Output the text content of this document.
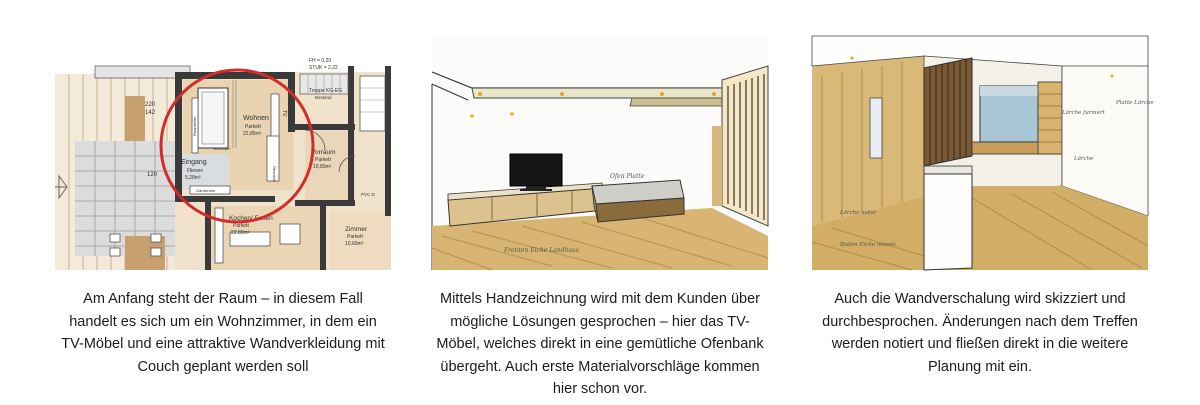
142
220
120
Wohnen
Parkett
22,85m²
Eingang
Fliesen
5,28m²
Vorraum
Parkett
10,80m²
Kochen/ Essen
Parkett
22,80m²	Zimmer
Parkett
10,60m²
Treppe KG-EG
Bestand
TV
Raumteiler
Oberlicht
Garderobe
FH = 0,20
STUK = 2,22
PVC D
Heizkörper
Am Anfang steht der Raum – in diesem Fall handelt es sich um ein Wohnzimmer, in dem ein TV-Möbel und eine attraktive Wandverkleidung mit Couch geplant werden soll
Ofen Platte
Fronten Eiche Landhaus
Mittels Handzeichnung wird mit dem Kunden über mögliche Lösungen gesprochen – hier das TV-Möbel, welches direkt in eine gemütliche Ofenbank übergeht. Auch erste Materialvorschläge kommen hier schon vor.
Lärche furniert
Platte Lärche
Lärche
Lärche natur
Boden Eiche massiv
Auch die Wandverschalung wird skizziert und durchbesprochen. Änderungen nach dem Treffen werden notiert und fließen direkt in die weitere Planung mit ein.
